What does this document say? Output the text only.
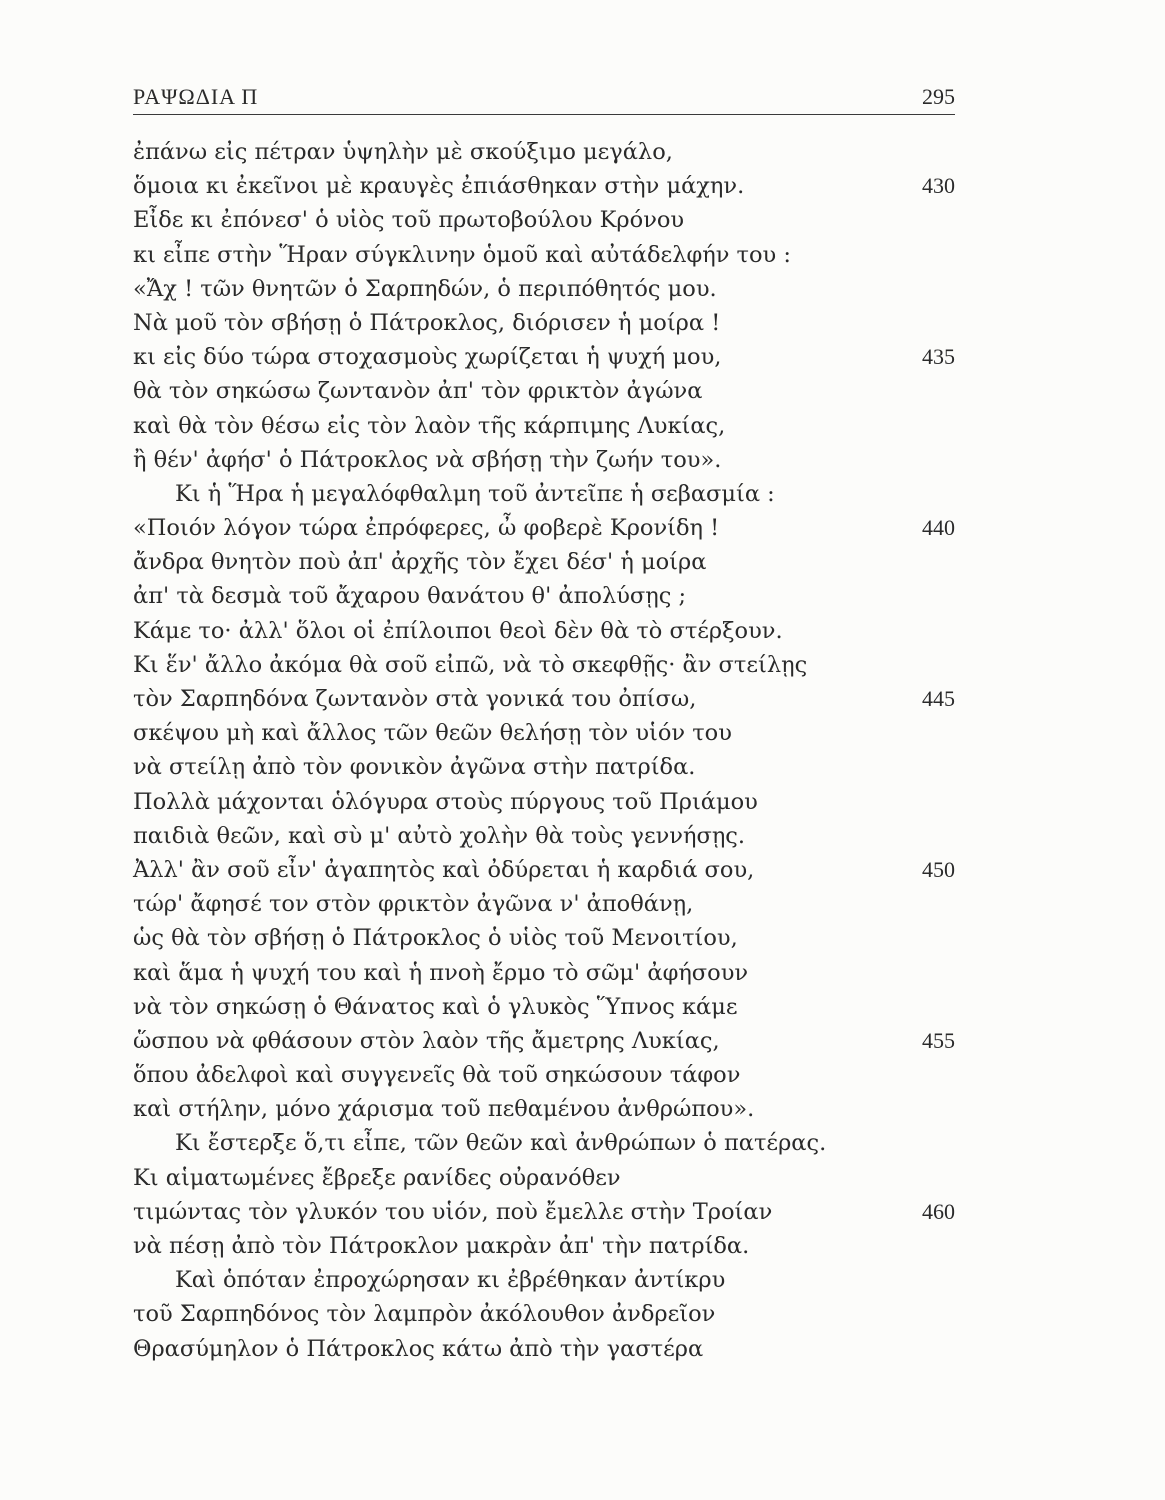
ΡΑΨΩΔΙΑ Π	295
ἐπάνω εἰς πέτραν ὑψηλὴν μὲ σκούξιμο μεγάλο,
ὅμοια κι ἐκεῖνοι μὲ κραυγὲς ἐπιάσθηκαν στὴν μάχην.	430
Εἶδε κι ἐπόνεσ' ὁ υἱὸς τοῦ πρωτοβούλου Κρόνου
κι εἶπε στὴν Ἥραν σύγκλινην ὁμοῦ καὶ αὐτάδελφήν του :
«Ἄχ ! τῶν θνητῶν ὁ Σαρπηδών, ὁ περιπόθητός μου.
Νὰ μοῦ τὸν σβήσῃ ὁ Πάτροκλος, διόρισεν ἡ μοίρα !
κι εἰς δύο τώρα στοχασμοὺς χωρίζεται ἡ ψυχή μου,	435
θὰ τὸν σηκώσω ζωντανὸν ἀπ' τὸν φρικτὸν ἀγώνα
καὶ θὰ τὸν θέσω εἰς τὸν λαὸν τῆς κάρπιμης Λυκίας,
ἢ θέν' ἀφήσ' ὁ Πάτροκλος νὰ σβήσῃ τὴν ζωήν του».
Κι ἡ Ἥρα ἡ μεγαλόφθαλμη τοῦ ἀντεῖπε ἡ σεβασμία :
«Ποιόν λόγον τώρα ἐπρόφερες, ὦ φοβερὲ Κρονίδη !	440
ἄνδρα θνητὸν ποὺ ἀπ' ἀρχῆς τὸν ἔχει δέσ' ἡ μοίρα
ἀπ' τὰ δεσμὰ τοῦ ἄχαρου θανάτου θ' ἀπολύσῃς ;
Κάμε το· ἀλλ' ὅλοι οἱ ἐπίλοιποι θεοὶ δὲν θὰ τὸ στέρξουν.
Κι ἕν' ἄλλο ἀκόμα θὰ σοῦ εἰπῶ, νὰ τὸ σκεφθῇς· ἂν στείλῃς
τὸν Σαρπηδόνα ζωντανὸν στὰ γονικά του ὀπίσω,	445
σκέψου μὴ καὶ ἄλλος τῶν θεῶν θελήσῃ τὸν υἱόν του
νὰ στείλῃ ἀπὸ τὸν φονικὸν ἀγῶνα στὴν πατρίδα.
Πολλὰ μάχονται ὁλόγυρα στοὺς πύργους τοῦ Πριάμου
παιδιὰ θεῶν, καὶ σὺ μ' αὐτὸ χολὴν θὰ τοὺς γεννήσῃς.
Ἀλλ' ἂν σοῦ εἶν' ἀγαπητὸς καὶ ὀδύρεται ἡ καρδιά σου,	450
τώρ' ἄφησέ τον στὸν φρικτὸν ἀγῶνα ν' ἀποθάνῃ,
ὡς θὰ τὸν σβήσῃ ὁ Πάτροκλος ὁ υἱὸς τοῦ Μενοιτίου,
καὶ ἅμα ἡ ψυχή του καὶ ἡ πνοὴ ἔρμο τὸ σῶμ' ἀφήσουν
νὰ τὸν σηκώσῃ ὁ Θάνατος καὶ ὁ γλυκὸς Ὕπνος κάμε
ὥσπου νὰ φθάσουν στὸν λαὸν τῆς ἄμετρης Λυκίας,	455
ὅπου ἀδελφοὶ καὶ συγγενεῖς θὰ τοῦ σηκώσουν τάφον
καὶ στήλην, μόνο χάρισμα τοῦ πεθαμένου ἀνθρώπου».
Κι ἔστερξε ὅ,τι εἶπε, τῶν θεῶν καὶ ἀνθρώπων ὁ πατέρας.
Κι αἱματωμένες ἔβρεξε ρανίδες οὐρανόθεν
τιμώντας τὸν γλυκόν του υἱόν, ποὺ ἔμελλε στὴν Τροίαν	460
νὰ πέσῃ ἀπὸ τὸν Πάτροκλον μακρὰν ἀπ' τὴν πατρίδα.
Καὶ ὁπόταν ἐπροχώρησαν κι ἐβρέθηκαν ἀντίκρυ
τοῦ Σαρπηδόνος τὸν λαμπρὸν ἀκόλουθον ἀνδρεῖον
Θρασύμηλον ὁ Πάτροκλος κάτω ἀπὸ τὴν γαστέρα
